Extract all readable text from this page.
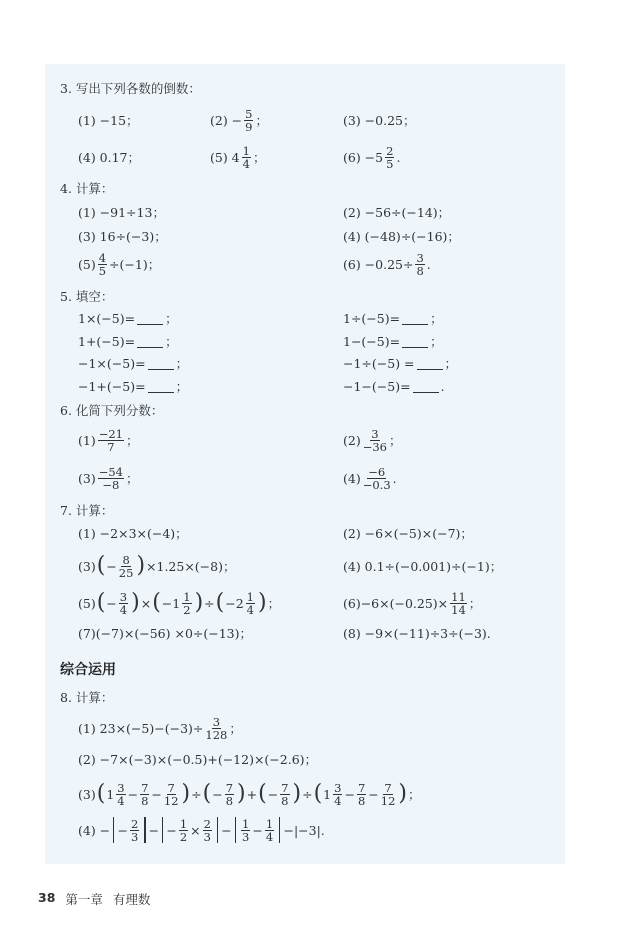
3. 写出下列各数的倒数：
(1) −15；	$(2) - \frac{5}{9}$ ；	(3) −0.25；
(4) 0.17；	(5) $4 \frac{1}{4}$ ；	$(6) -5 \frac{2}{5}$ .
4. 计算：
(1) −91÷13；	(2) −56÷(−14)；
(3) 16÷(−3)；	(4) (−48)÷(−16)；
$(5) \frac{4}{5} \div(-1)$；	$(6) -0.25\div \frac{3}{8}$ .
5. 填空：
1×(−5)= ；	1÷(−5)= ；
1+(−5)= ；	1−(−5)= ；
−1×(−5)= ；	−1÷(−5) = ；
−1+(−5)= ；	−1−(−5)= .
6. 化简下列分数：
$(1) \frac{-21}{7}$ ；	$(2) \frac{3}{-36}$ ；
$(3) \frac{-54}{-8}$ ；	$(4) \frac{-6}{-0.3}$ .
7. 计算：
(1) −2×3×(−4)；	(2) −6×(−5)×(−7)；
(3) ( − $\frac{8}{25}$ ) ×1.25×(−8)；	(4) 0.1÷(−0.001)÷(−1)；
(5) ( − $\frac{3}{4}$ ) × ( $-1 \frac{1}{2}$ ) ÷ ( $-2 \frac{1}{4}$ ) ；	$(6)-6\times(-0.25)\times \frac{11}{14}$ ；
(7)(−7)×(−56) ×0÷(−13)；	(8) −9×(−11)÷3÷(−3).
综合运用
8. 计算：
(1) $23\times(-5)-(-3)\div \frac{3}{128}$ ；
(2) −7×(−3)×(−0.5)+(−12)×(−2.6)；
(3) ( $1 \frac{3}{4} - \frac{7}{8} - \frac{7}{12}$ ) ÷ ( − $\frac{7}{8}$ ) + ( − $\frac{7}{8}$ ) ÷ ( $1 \frac{3}{4} - \frac{7}{8} - \frac{7}{12}$ ) ；
(4) − − $\frac{2}{3}$ − − $\frac{1}{2} \times \frac{2}{3} - \frac{1}{3} - \frac{1}{4} -|-3|$.
38 第一章 有理数
